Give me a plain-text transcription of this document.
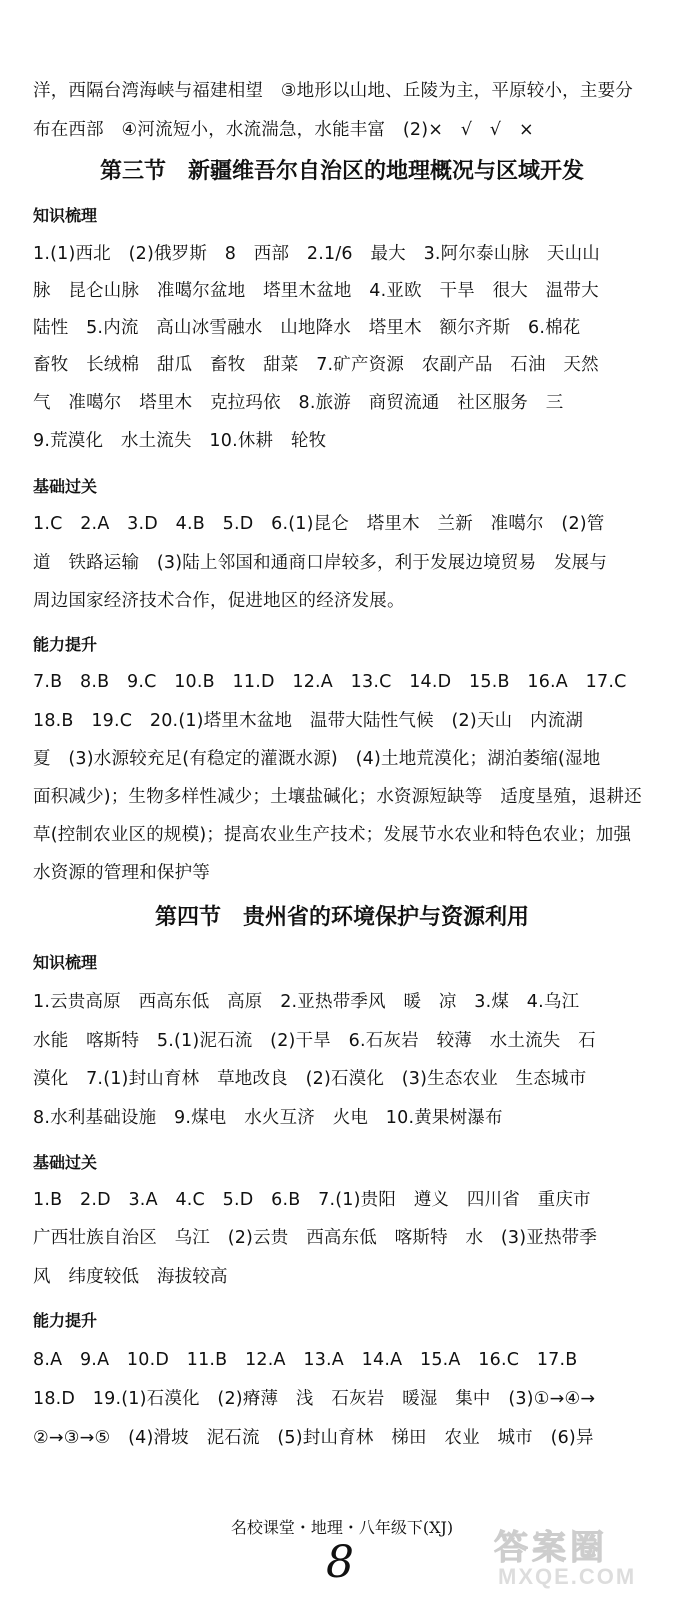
洋，西隔台湾海峡与福建相望　③地形以山地、丘陵为主，平原较小，主要分
布在西部　④河流短小，水流湍急，水能丰富　(2)×　√　√　×
第三节　新疆维吾尔自治区的地理概况与区域开发
知识梳理
1.(1)西北　(2)俄罗斯　8　西部　2.1/6　最大　3.阿尔泰山脉　天山山
脉　昆仑山脉　准噶尔盆地　塔里木盆地　4.亚欧　干旱　很大　温带大
陆性　5.内流　高山冰雪融水　山地降水　塔里木　额尔齐斯　6.棉花
畜牧　长绒棉　甜瓜　畜牧　甜菜　7.矿产资源　农副产品　石油　天然
气　准噶尔　塔里木　克拉玛依　8.旅游　商贸流通　社区服务　三
9.荒漠化　水土流失　10.休耕　轮牧
基础过关
1.C　2.A　3.D　4.B　5.D　6.(1)昆仑　塔里木　兰新　准噶尔　(2)管
道　铁路运输　(3)陆上邻国和通商口岸较多，利于发展边境贸易　发展与
周边国家经济技术合作，促进地区的经济发展。
能力提升
7.B　8.B　9.C　10.B　11.D　12.A　13.C　14.D　15.B　16.A　17.C
18.B　19.C　20.(1)塔里木盆地　温带大陆性气候　(2)天山　内流湖
夏　(3)水源较充足(有稳定的灌溉水源)　(4)土地荒漠化；湖泊萎缩(湿地
面积减少)；生物多样性减少；土壤盐碱化；水资源短缺等　适度垦殖，退耕还
草(控制农业区的规模)；提高农业生产技术；发展节水农业和特色农业；加强
水资源的管理和保护等
第四节　贵州省的环境保护与资源利用
知识梳理
1.云贵高原　西高东低　高原　2.亚热带季风　暖　凉　3.煤　4.乌江
水能　喀斯特　5.(1)泥石流　(2)干旱　6.石灰岩　较薄　水土流失　石
漠化　7.(1)封山育林　草地改良　(2)石漠化　(3)生态农业　生态城市
8.水利基础设施　9.煤电　水火互济　火电　10.黄果树瀑布
基础过关
1.B　2.D　3.A　4.C　5.D　6.B　7.(1)贵阳　遵义　四川省　重庆市
广西壮族自治区　乌江　(2)云贵　西高东低　喀斯特　水　(3)亚热带季
风　纬度较低　海拔较高
能力提升
8.A　9.A　10.D　11.B　12.A　13.A　14.A　15.A　16.C　17.B
18.D　19.(1)石漠化　(2)瘠薄　浅　石灰岩　暖湿　集中　(3)①→④→
②→③→⑤　(4)滑坡　泥石流　(5)封山育林　梯田　农业　城市　(6)异
名校课堂・地理・八年级下(XJ)
8	答案圈
MXQE.COM
